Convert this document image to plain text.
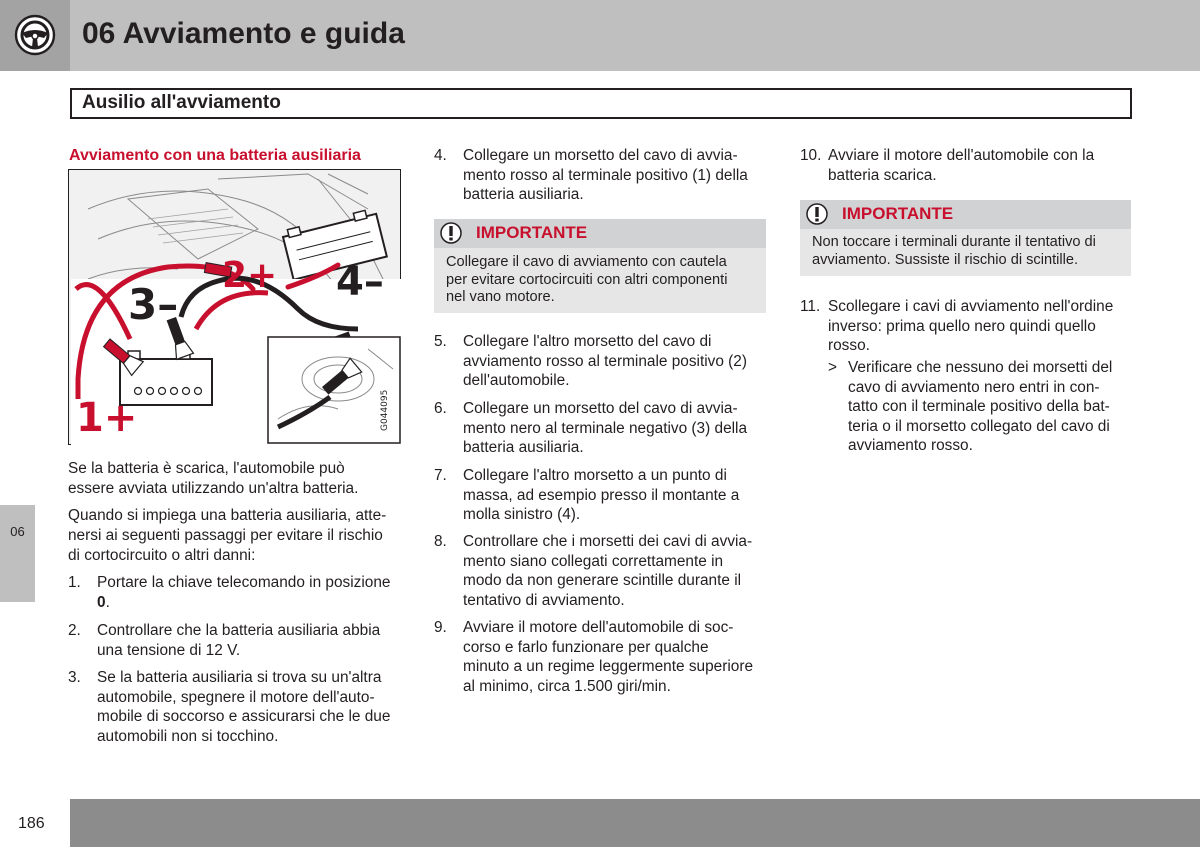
06 Avviamento e guida
Ausilio all'avviamento
06
Avviamento con una batteria ausiliaria
1+
2+
3–	4–
G044095
Se la batteria è scarica, l'automobile può
essere avviata utilizzando un'altra batteria.
Quando si impiega una batteria ausiliaria, atte-
nersi ai seguenti passaggi per evitare il rischio
di cortocircuito o altri danni:
1. Portare la chiave telecomando in posizione
0.
2. Controllare che la batteria ausiliaria abbia
una tensione di 12 V.
3. Se la batteria ausiliaria si trova su un'altra
automobile, spegnere il motore dell'auto-
mobile di soccorso e assicurarsi che le due
automobili non si tocchino.
4. Collegare un morsetto del cavo di avvia-
mento rosso al terminale positivo (1) della
batteria ausiliaria.
IMPORTANTE
Collegare il cavo di avviamento con cautela
per evitare cortocircuiti con altri componenti
nel vano motore.
5. Collegare l'altro morsetto del cavo di
avviamento rosso al terminale positivo (2)
dell'automobile.
6. Collegare un morsetto del cavo di avvia-
mento nero al terminale negativo (3) della
batteria ausiliaria.
7. Collegare l'altro morsetto a un punto di
massa, ad esempio presso il montante a
molla sinistro (4).
8. Controllare che i morsetti dei cavi di avvia-
mento siano collegati correttamente in
modo da non generare scintille durante il
tentativo di avviamento.
9. Avviare il motore dell'automobile di soc-
corso e farlo funzionare per qualche
minuto a un regime leggermente superiore
al minimo, circa 1.500 giri/min.
10. Avviare il motore dell'automobile con la
batteria scarica.
IMPORTANTE
Non toccare i terminali durante il tentativo di
avviamento. Sussiste il rischio di scintille.
11. Scollegare i cavi di avviamento nell'ordine
inverso: prima quello nero quindi quello
rosso.
> Verificare che nessuno dei morsetti del
cavo di avviamento nero entri in con-
tatto con il terminale positivo della bat-
teria o il morsetto collegato del cavo di
avviamento rosso.
186
